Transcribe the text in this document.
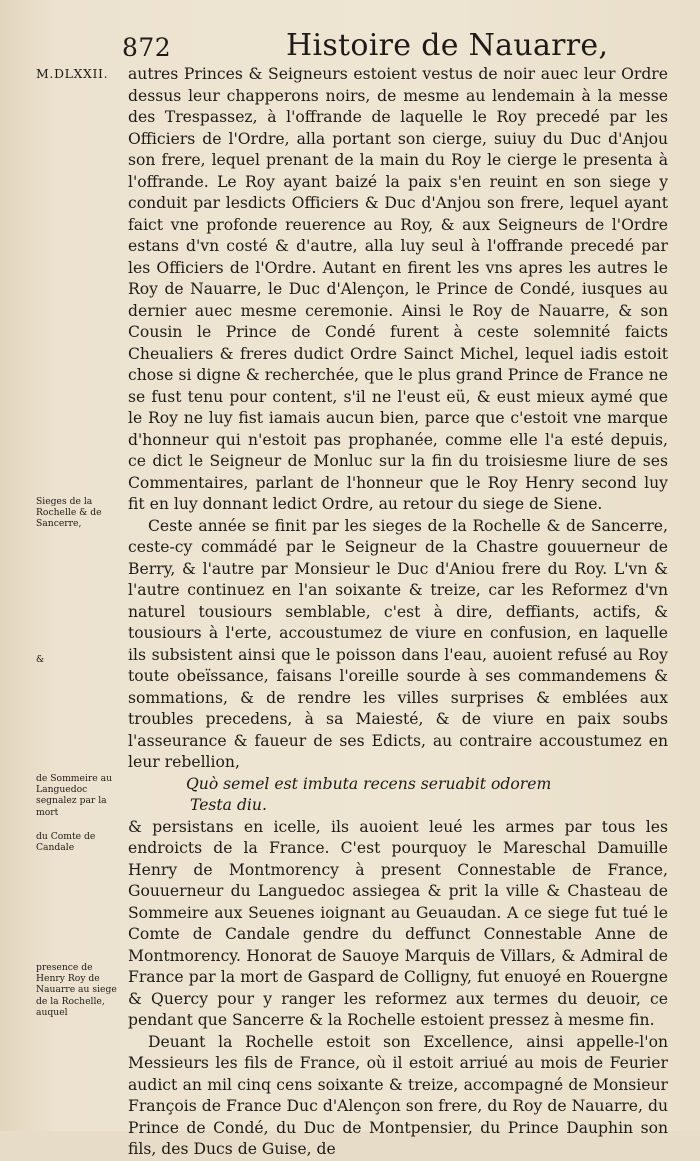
872	Histoire de Nauarre,
M.DLXXII. autres Princes & Seigneurs estoient vestus de noir auec leur Ordre dessus leur chapperons noirs, de mesme au lendemain à la messe des Trespassez, à l'offrande de laquelle le Roy precedé par les Officiers de l'Ordre, alla portant son cierge, suiuy du Duc d'Anjou son frere, lequel prenant de la main du Roy le cierge le presenta à l'offrande. Le Roy ayant baizé la paix s'en reuint en son siege y conduit par lesdicts Officiers & Duc d'Anjou son frere, lequel ayant faict vne profonde reuerence au Roy, & aux Seigneurs de l'Ordre estans d'vn costé & d'autre, alla luy seul à l'offrande precedé par les Officiers de l'Ordre. Autant en firent les vns apres les autres le Roy de Nauarre, le Duc d'Alençon, le Prince de Condé, iusques au dernier auec mesme ceremonie. Ainsi le Roy de Nauarre, & son Cousin le Prince de Condé furent à ceste solemnité faicts Cheualiers & freres dudict Ordre Sainct Michel, lequel iadis estoit chose si digne & recherchée, que le plus grand Prince de France ne se fust tenu pour content, s'il ne l'eust eü, & eust mieux aymé que le Roy ne luy fist iamais aucun bien, parce que c'estoit vne marque d'honneur qui n'estoit pas prophanée, comme elle l'a esté depuis, ce dict le Seigneur de Monluc sur la fin du troisiesme liure de ses Commentaires, parlant de l'honneur que le Roy Henry second luy fit en luy donnant ledict Ordre, au retour du siege de Siene.

Ceste année se finit par les sieges de la Rochelle & de Sancerre, ceste-cy commádé par le Seigneur de la Chastre gouuerneur de Berry, & l'autre par Monsieur le Duc d'Aniou frere du Roy. L'vn & l'autre continuez en l'an soixante & treize, car les Reformez d'vn naturel tousiours semblable, c'est à dire, deffiants, actifs, & tousiours à l'erte, accoustumez de viure en confusion, en laquelle ils subsistent ainsi que le poisson dans l'eau, auoient refusé au Roy toute obeïssance, faisans l'oreille sourde à ses commandemens & sommations, & de rendre les villes surprises & emblées aux troubles precedens, à sa Maiesté, & de viure en paix soubs l'asseurance & faueur de ses Edicts, au contraire accoustumez en leur rebellion,

Quò semel est imbuta recens seruabit odorem

Testa diu.

& persistans en icelle, ils auoient leué les armes par tous les endroicts de la France. C'est pourquoy le Mareschal Damuille Henry de Montmorency à present Connestable de France, Gouuerneur du Languedoc assiegea & prit la ville & Chasteau de Sommeire aux Seuenes ioignant au Geuaudan. A ce siege fut tué le Comte de Candale gendre du deffunct Connestable Anne de Montmorency. Honorat de Sauoye Marquis de Villars, & Admiral de France par la mort de Gaspard de Colligny, fut enuoyé en Rouergne & Quercy pour y ranger les reformez aux termes du deuoir, ce pendant que Sancerre & la Rochelle estoient pressez à mesme fin.

Deuant la Rochelle estoit son Excellence, ainsi appelle-l'on Messieurs les fils de France, où il estoit arriué au mois de Feurier audict an mil cinq cens soixante & treize, accompagné de Monsieur François de France Duc d'Alençon son frere, du Roy de Nauarre, du Prince de Condé, du Duc de Montpensier, du Prince Dauphin son fils, des Ducs de Guise, de

Sieges de la Rochelle & de Sancerre,
&
de Sommeire au Languedoc segnalez par la mort
du Comte de Candale
presence de Henry Roy de Nauarre au siege de la Rochelle, auquel
